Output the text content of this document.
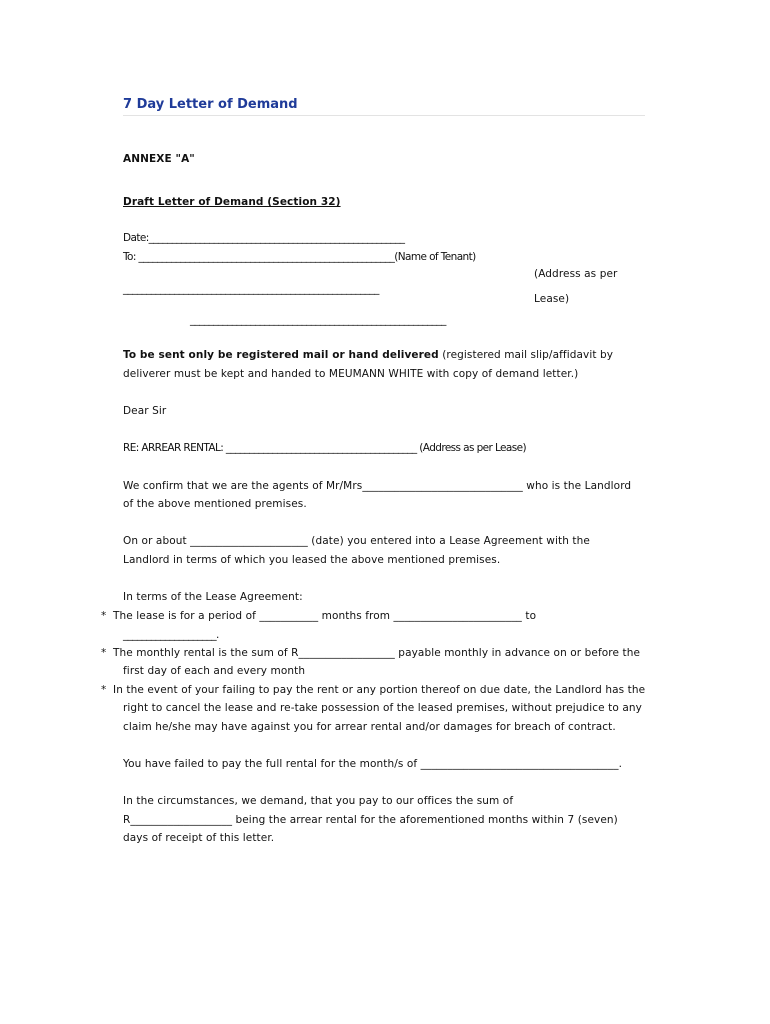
7 Day Letter of Demand
ANNEXE "A"
Draft Letter of Demand (Section 32)
Date:_______________________________________________________
To: _______________________________________________________(Name of Tenant)
(Address as per
_______________________________________________________
Lease)
_______________________________________________________
To be sent only be registered mail or hand delivered (registered mail slip/affidavit by
deliverer must be kept and handed to MEUMANN WHITE with copy of demand letter.)
Dear Sir
RE: ARREAR RENTAL: _________________________________________ (Address as per Lease)
We confirm that we are the agents of Mr/Mrs______________________________ who is the Landlord
of the above mentioned premises.
On or about ______________________ (date) you entered into a Lease Agreement with the
Landlord in terms of which you leased the above mentioned premises.
In terms of the Lease Agreement:
* The lease is for a period of ___________ months from ________________________ to
____________________.
* The monthly rental is the sum of R__________________ payable monthly in advance on or before the
first day of each and every month
* In the event of your failing to pay the rent or any portion thereof on due date, the Landlord has the
right to cancel the lease and re-take possession of the leased premises, without prejudice to any
claim he/she may have against you for arrear rental and/or damages for breach of contract.
You have failed to pay the full rental for the month/s of _____________________________________.
In the circumstances, we demand, that you pay to our offices the sum of
R___________________ being the arrear rental for the aforementioned months within 7 (seven)
days of receipt of this letter.
